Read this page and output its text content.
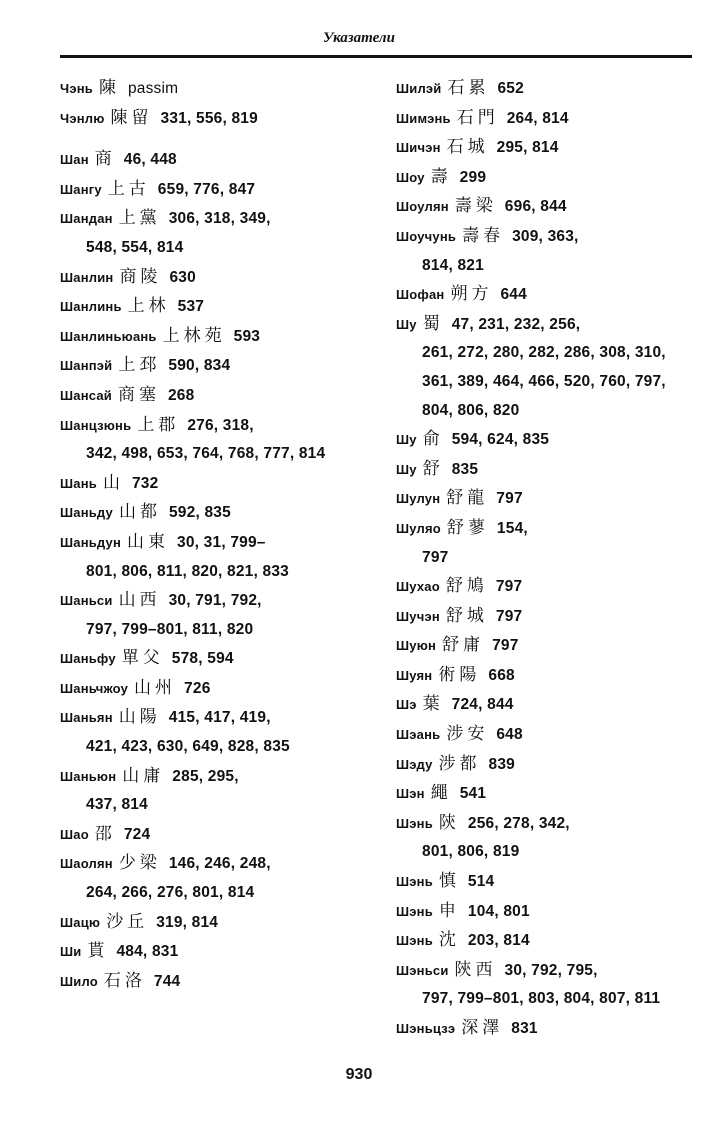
Указатели
Чэнь 陳 passim
Чэнлю 陳留 331, 556, 819
Шан 商 46, 448
Шангу 上古 659, 776, 847
Шандан 上黨 306, 318, 349,
548, 554, 814
Шанлин 商陵 630
Шанлинь 上林 537
Шанлиньюань 上林苑 593
Шанпэй 上邳 590, 834
Шансай 商塞 268
Шанцзюнь 上郡 276, 318,
342, 498, 653, 764, 768, 777, 814
Шань 山 732
Шаньду 山都 592, 835
Шаньдун 山東 30, 31, 799–
801, 806, 811, 820, 821, 833
Шаньси 山西 30, 791, 792,
797, 799–801, 811, 820
Шаньфу 單父 578, 594
Шаньчжоу 山州 726
Шаньян 山陽 415, 417, 419,
421, 423, 630, 649, 828, 835
Шаньюн 山庸 285, 295,
437, 814
Шао 邵 724
Шаолян 少梁 146, 246, 248,
264, 266, 276, 801, 814
Шацю 沙丘 319, 814
Ши 貰 484, 831
Шило 石洛 744
Шилэй 石累 652
Шимэнь 石門 264, 814
Шичэн 石城 295, 814
Шоу 壽 299
Шоулян 壽梁 696, 844
Шоучунь 壽春 309, 363,
814, 821
Шофан 朔方 644
Шу 蜀 47, 231, 232, 256,
261, 272, 280, 282, 286, 308, 310, 361, 389, 464, 466, 520, 760, 797, 804, 806, 820
Шу 俞 594, 624, 835
Шу 舒 835
Шулун 舒龍 797
Шуляо 舒蓼 154,
797
Шухао 舒鳩 797
Шучэн 舒城 797
Шуюн 舒庸 797
Шуян 術陽 668
Шэ 葉 724, 844
Шэань 涉安 648
Шэду 涉都 839
Шэн 繩 541
Шэнь 陝 256, 278, 342,
801, 806, 819
Шэнь 慎 514
Шэнь 申 104, 801
Шэнь 沈 203, 814
Шэньси 陝西 30, 792, 795,
797, 799–801, 803, 804, 807, 811
Шэньцзэ 深澤 831
930
